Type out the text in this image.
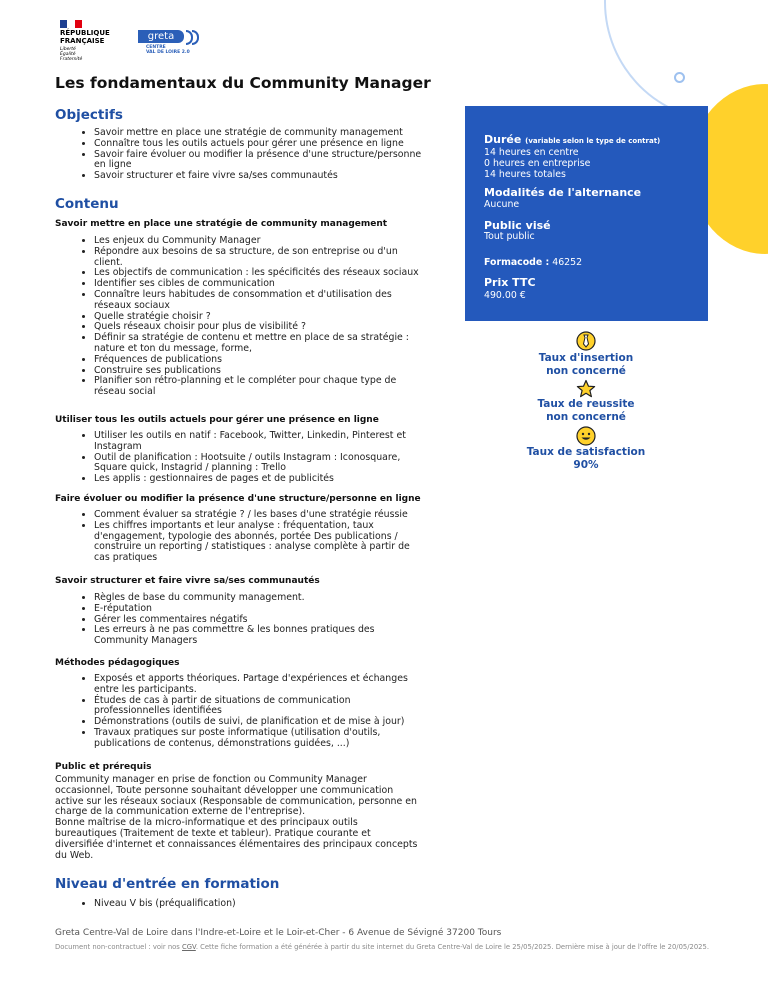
RÉPUBLIQUE
FRANÇAISE
Liberté
Égalité
Fraternité
greta
CENTRE
VAL DE LOIRE 2.0
Les fondamentaux du Community Manager
Objectifs
• Savoir mettre en place une stratégie de community management
• Connaître tous les outils actuels pour gérer une présence en ligne
• Savoir faire évoluer ou modifier la présence d'une structure/personne en ligne
• Savoir structurer et faire vivre sa/ses communautés
Contenu
Savoir mettre en place une stratégie de community management
• Les enjeux du Community Manager
• Répondre aux besoins de sa structure, de son entreprise ou d'un client.
• Les objectifs de communication : les spécificités des réseaux sociaux
• Identifier ses cibles de communication
• Connaître leurs habitudes de consommation et d'utilisation des réseaux sociaux
• Quelle stratégie choisir ?
• Quels réseaux choisir pour plus de visibilité ?
• Définir sa stratégie de contenu et mettre en place de sa stratégie : nature et ton du message, forme,
• Fréquences de publications
• Construire ses publications
• Planifier son rétro-planning et le compléter pour chaque type de réseau social
Utiliser tous les outils actuels pour gérer une présence en ligne
• Utiliser les outils en natif : Facebook, Twitter, Linkedin, Pinterest et Instagram
• Outil de planification : Hootsuite / outils Instagram : Iconosquare, Square quick, Instagrid / planning : Trello
• Les applis : gestionnaires de pages et de publicités
Faire évoluer ou modifier la présence d'une structure/personne en ligne
• Comment évaluer sa stratégie ? / les bases d'une stratégie réussie
• Les chiffres importants et leur analyse : fréquentation, taux d'engagement, typologie des abonnés, portée Des publications / construire un reporting / statistiques : analyse complète à partir de cas pratiques
Savoir structurer et faire vivre sa/ses communautés
• Règles de base du community management.
• E-réputation
• Gérer les commentaires négatifs
• Les erreurs à ne pas commettre & les bonnes pratiques des Community Managers
Méthodes pédagogiques
• Exposés et apports théoriques. Partage d'expériences et échanges entre les participants.
• Études de cas à partir de situations de communication professionnelles identifiées
• Démonstrations (outils de suivi, de planification et de mise à jour)
• Travaux pratiques sur poste informatique (utilisation d'outils, publications de contenus, démonstrations guidées, ...)
Public et prérequis

Community manager en prise de fonction ou Community Manager occasionnel, Toute personne souhaitant développer une communication active sur les réseaux sociaux (Responsable de communication, personne en charge de la communication externe de l'entreprise).

Bonne maîtrise de la micro-informatique et des principaux outils bureautiques (Traitement de texte et tableur). Pratique courante et diversifiée d'internet et connaissances élémentaires des principaux concepts du Web.

Niveau d'entrée en formation
• Niveau V bis (préqualification)
Durée (variable selon le type de contrat)
14 heures en centre
0 heures en entreprise
14 heures totales
Modalités de l'alternance
Aucune
Public visé
Tout public
Formacode : 46252
Prix TTC
490.00 €
Taux d'insertion
non concerné
Taux de reussite
non concerné
Taux de satisfaction
90%
Greta Centre-Val de Loire dans l'Indre-et-Loire et le Loir-et-Cher - 6 Avenue de Sévigné 37200 Tours
Document non-contractuel : voir nos CGV. Cette fiche formation a été générée à partir du site internet du Greta Centre-Val de Loire le 25/05/2025. Dernière mise à jour de l'offre le 20/05/2025.
